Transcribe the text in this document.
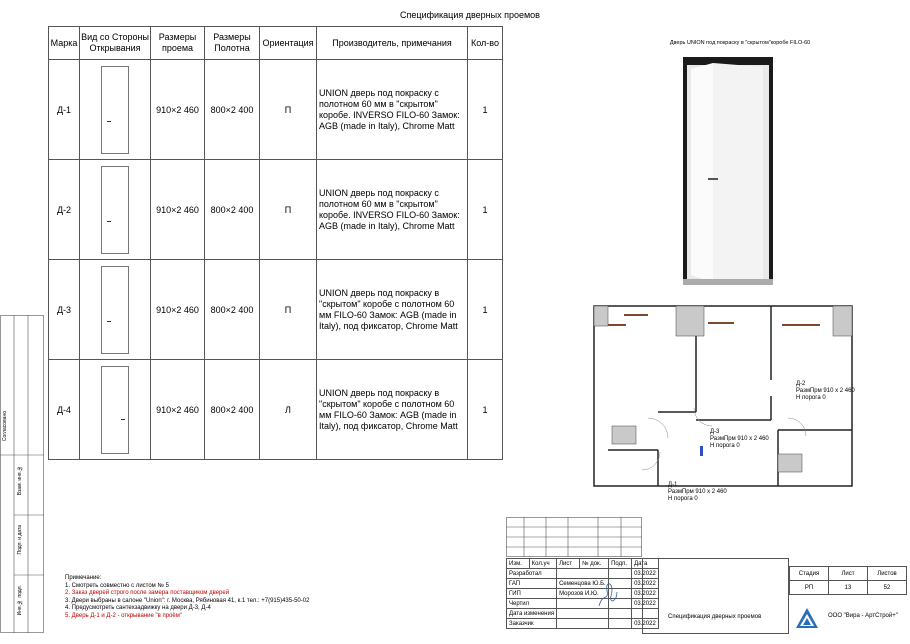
Спецификация дверных проемов
Марка	Вид со Стороны Открывания	Размеры проема	Размеры Полотна	Ориентация	Производитель, примечания	Кол-во
Д-1		910×2 460	800×2 400	П	UNION дверь под покраску с полотном 60 мм в "скрытом" коробе. INVERSO FILO-60 Замок: AGB (made in Italy), Chrome Matt	1
Д-2		910×2 460	800×2 400	П	UNION дверь под покраску с полотном 60 мм в "скрытом" коробе. INVERSO FILO-60 Замок: AGB (made in Italy), Chrome Matt	1
Д-3		910×2 460	800×2 400	П	UNION дверь под покраску в "скрытом" коробе с полотном 60 мм FILO-60 Замок: AGB (made in Italy), под фиксатор, Chrome Matt	1
Д-4		910×2 460	800×2 400	Л	UNION дверь под покраску в "скрытом" коробе с полотном 60 мм FILO-60 Замок: AGB (made in Italy), под фиксатор, Chrome Matt	1
Дверь UNION под покраску в "скрытом"коробе FILO-60
Д-2
РазмПрм 910 х 2 460
Н порога 0
Д-3
РазмПрм 910 х 2 460
Н порога 0
Д-1
РазмПрм 910 х 2 460
Н порога 0
Согласовано
Взам. инв.№
Подп. и дата
Инв.№ подл.
Примечание:
1. Смотреть совместно с листом № 5
2. Заказ дверей строго после замера поставщиком дверей
3. Двери выбраны в салоне "Union": г. Москва, Рябиновая 41, к.1 тел.: +7(915)435-50-02
4. Предусмотреть сантехзадвижку на двери Д-3, Д-4
5. Дверь Д-1 и Д-2 - открывание "в проём"
Изм.	Кол.уч	Лист	№ док.	Подп.	Дата
Разработал					03.2022
ГАП		Семенцова Ю.Б.			03.2022
ГИП		Морозов И.Ю.			03.2022
Чертил					03.2022
Дата изменения					
Заказчик					03.2022
Спецификация дверных проемов
Стадия	Лист	Листов
РП	13	52
ООО "Вира - АртСтрой+"
